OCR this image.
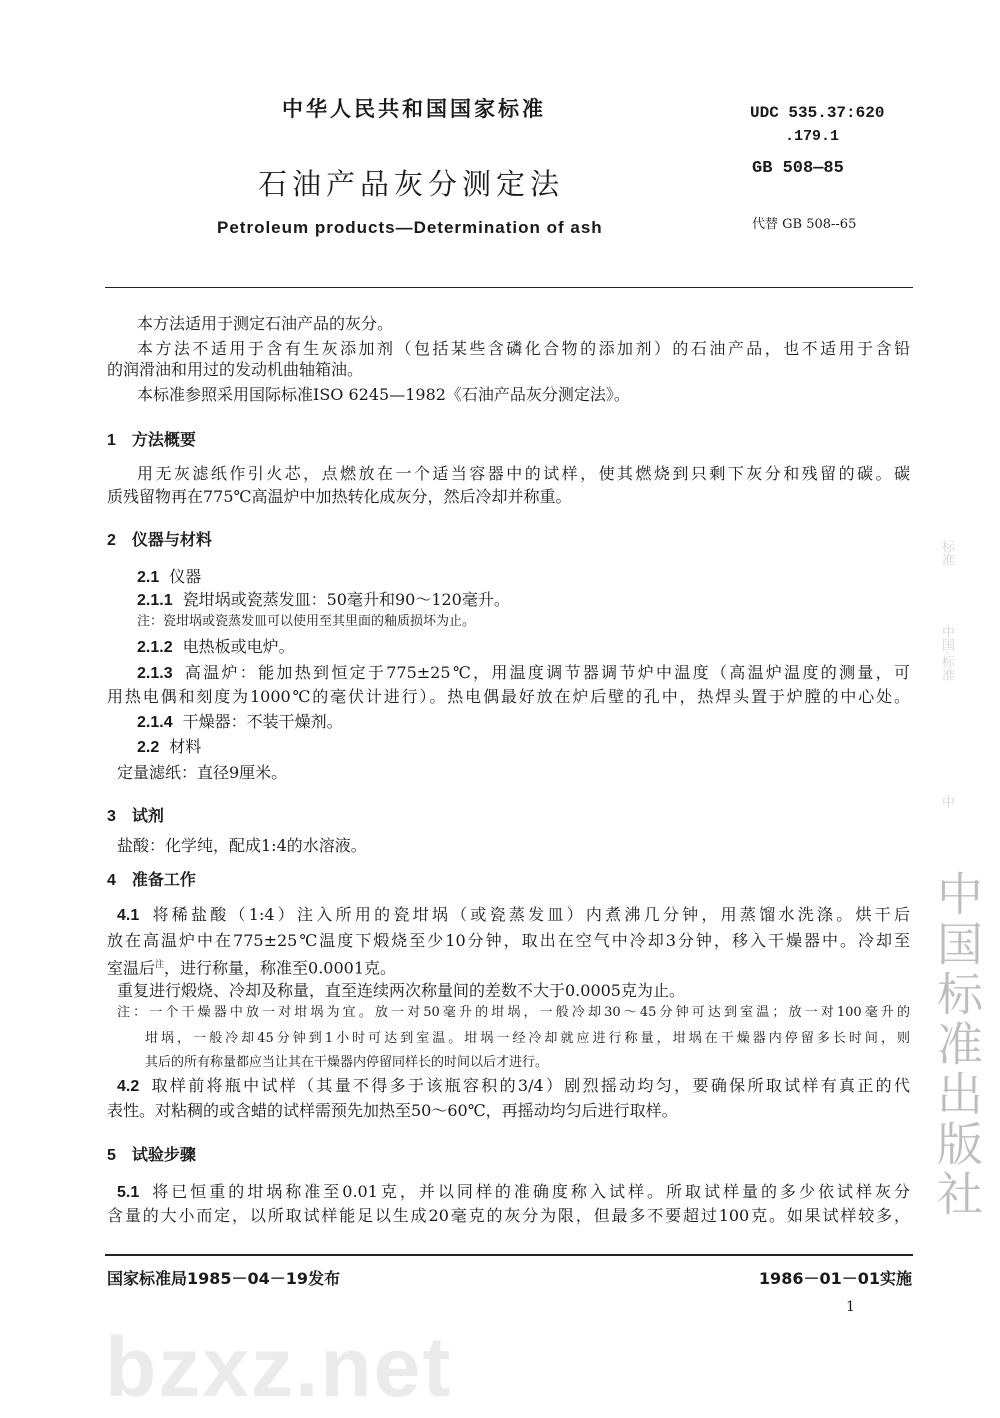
bzxz.net
中国标准出版社
标准
中国·标准
中
中华人民共和国国家标准
石油产品灰分测定法
Petroleum products—Determination of ash
UDC 535.37:620
.179.1
GB 508—85
代替 GB 508--65
本方法适用于测定石油产品的灰分。
本方法不适用于含有生灰添加剂（包括某些含磷化合物的添加剂）的石油产品，也不适用于含铅
的润滑油和用过的发动机曲轴箱油。
本标准参照采用国际标准ISO 6245—1982《石油产品灰分测定法》。
1 方法概要
用无灰滤纸作引火芯，点燃放在一个适当容器中的试样，使其燃烧到只剩下灰分和残留的碳。碳
质残留物再在775℃高温炉中加热转化成灰分，然后冷却并称重。
2 仪器与材料
2.1 仪器
2.1.1 瓷坩埚或瓷蒸发皿：50毫升和90～120毫升。
注：瓷坩埚或瓷蒸发皿可以使用至其里面的釉质损坏为止。
2.1.2 电热板或电炉。
2.1.3 高温炉：能加热到恒定于775±25℃，用温度调节器调节炉中温度（高温炉温度的测量，可
用热电偶和刻度为1000℃的毫伏计进行）。热电偶最好放在炉后壁的孔中，热焊头置于炉膛的中心处。
2.1.4 干燥器：不装干燥剂。
2.2 材料
定量滤纸：直径9厘米。
3 试剂
盐酸：化学纯，配成1:4的水溶液。
4 准备工作
4.1 将稀盐酸（1:4）注入所用的瓷坩埚（或瓷蒸发皿）内煮沸几分钟，用蒸馏水洗涤。烘干后
放在高温炉中在775±25℃温度下煅烧至少10分钟，取出在空气中冷却3分钟，移入干燥器中。冷却至
室温后$^注$，进行称量，称准至0.0001克。
重复进行煅烧、冷却及称量，直至连续两次称量间的差数不大于0.0005克为止。
注：一个干燥器中放一对坩埚为宜。放一对50毫升的坩埚，一般冷却30～45分钟可达到室温；放一对100毫升的
坩埚，一般冷却45分钟到1小时可达到室温。坩埚一经冷却就应进行称量，坩埚在干燥器内停留多长时间，则
其后的所有称量都应当让其在干燥器内停留同样长的时间以后才进行。
4.2 取样前将瓶中试样（其量不得多于该瓶容积的3/4）剧烈摇动均匀，要确保所取试样有真正的代
表性。对粘稠的或含蜡的试样需预先加热至50～60℃，再摇动均匀后进行取样。
5 试验步骤
5.1 将已恒重的坩埚称准至0.01克，并以同样的准确度称入试样。所取试样量的多少依试样灰分
含量的大小而定，以所取试样能足以生成20毫克的灰分为限，但最多不要超过100克。如果试样较多，
国家标准局1985－04－19发布	1986－01－01实施
1
